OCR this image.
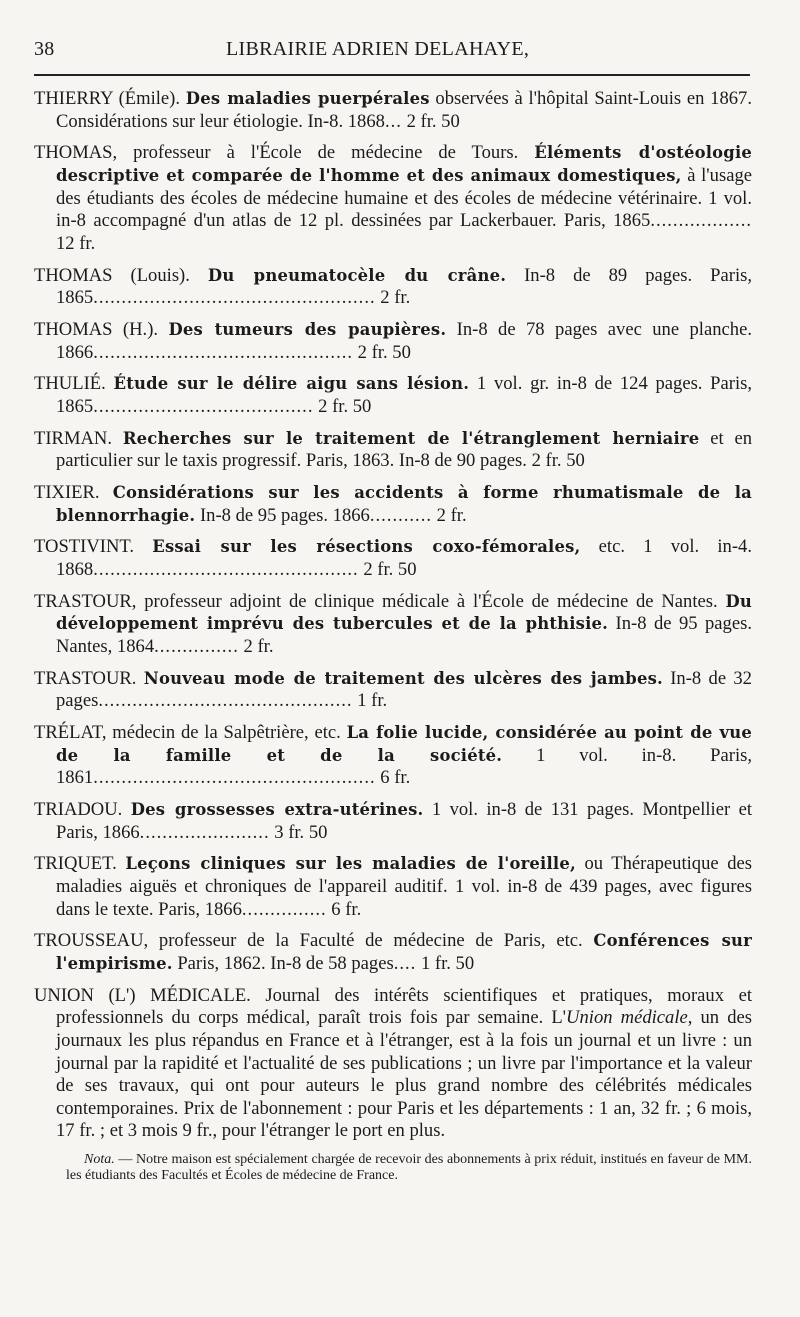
38	LIBRAIRIE ADRIEN DELAHAYE,

THIERRY (Émile). Des maladies puerpérales observées à l'hôpital Saint-Louis en 1867. Considérations sur leur étiologie. In-8. 1868... 2 fr. 50

THOMAS, professeur à l'École de médecine de Tours. Éléments d'ostéologie descriptive et comparée de l'homme et des animaux domestiques, à l'usage des étudiants des écoles de médecine humaine et des écoles de médecine vétérinaire. 1 vol. in-8 accompagné d'un atlas de 12 pl. dessinées par Lackerbauer. Paris, 1865.................. 12 fr.

THOMAS (Louis). Du pneumatocèle du crâne. In-8 de 89 pages. Paris, 1865.................................................. 2 fr.

THOMAS (H.). Des tumeurs des paupières. In-8 de 78 pages avec une planche. 1866.............................................. 2 fr. 50

THULIÉ. Étude sur le délire aigu sans lésion. 1 vol. gr. in-8 de 124 pages. Paris, 1865....................................... 2 fr. 50

TIRMAN. Recherches sur le traitement de l'étranglement herniaire et en particulier sur le taxis progressif. Paris, 1863. In-8 de 90 pages. 2 fr. 50

TIXIER. Considérations sur les accidents à forme rhumatismale de la blennorrhagie. In-8 de 95 pages. 1866........... 2 fr.

TOSTIVINT. Essai sur les résections coxo-fémorales, etc. 1 vol. in-4. 1868............................................... 2 fr. 50

TRASTOUR, professeur adjoint de clinique médicale à l'École de médecine de Nantes. Du développement imprévu des tubercules et de la phthisie. In-8 de 95 pages. Nantes, 1864............... 2 fr.

TRASTOUR. Nouveau mode de traitement des ulcères des jambes. In-8 de 32 pages............................................. 1 fr.

TRÉLAT, médecin de la Salpêtrière, etc. La folie lucide, considérée au point de vue de la famille et de la société. 1 vol. in-8. Paris, 1861.................................................. 6 fr.

TRIADOU. Des grossesses extra-utérines. 1 vol. in-8 de 131 pages. Montpellier et Paris, 1866....................... 3 fr. 50

TRIQUET. Leçons cliniques sur les maladies de l'oreille, ou Thérapeutique des maladies aiguës et chroniques de l'appareil auditif. 1 vol. in-8 de 439 pages, avec figures dans le texte. Paris, 1866............... 6 fr.

TROUSSEAU, professeur de la Faculté de médecine de Paris, etc. Conférences sur l'empirisme. Paris, 1862. In-8 de 58 pages.... 1 fr. 50

UNION (L') MÉDICALE. Journal des intérêts scientifiques et pratiques, moraux et professionnels du corps médical, paraît trois fois par semaine. L'Union médicale, un des journaux les plus répandus en France et à l'étranger, est à la fois un journal et un livre : un journal par la rapidité et l'actualité de ses publications ; un livre par l'importance et la valeur de ses travaux, qui ont pour auteurs le plus grand nombre des célébrités médicales contemporaines. Prix de l'abonnement : pour Paris et les départements : 1 an, 32 fr. ; 6 mois, 17 fr. ; et 3 mois 9 fr., pour l'étranger le port en plus.

Nota. — Notre maison est spécialement chargée de recevoir des abonnements à prix réduit, institués en faveur de MM. les étudiants des Facultés et Écoles de médecine de France.
